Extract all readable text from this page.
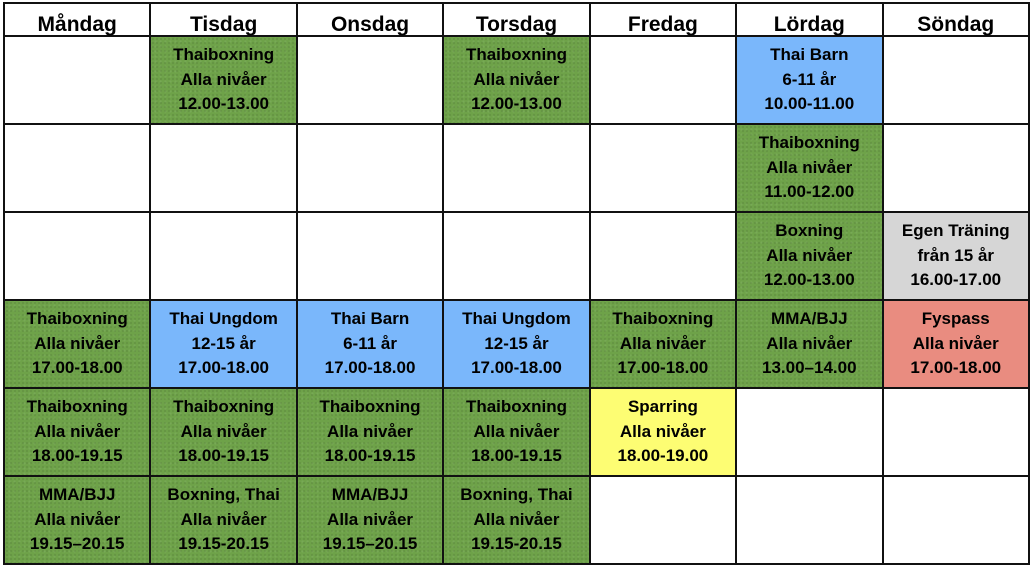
Måndag	Tisdag	Onsdag	Torsdag	Fredag	Lördag	Söndag

	Thaiboxning
Alla nivåer
12.00-13.00		Thaiboxning
Alla nivåer
12.00-13.00		Thai Barn
6-11 år
10.00-11.00	

					Thaiboxning
Alla nivåer
11.00-12.00	

					Boxning
Alla nivåer
12.00-13.00	Egen Träning
från 15 år
16.00-17.00

Thaiboxning
Alla nivåer
17.00-18.00	Thai Ungdom
12-15 år
17.00-18.00	Thai Barn
6-11 år
17.00-18.00	Thai Ungdom
12-15 år
17.00-18.00	Thaiboxning
Alla nivåer
17.00-18.00	MMA/BJJ
Alla nivåer
13.00–14.00	Fyspass
Alla nivåer
17.00-18.00

Thaiboxning
Alla nivåer
18.00-19.15	Thaiboxning
Alla nivåer
18.00-19.15	Thaiboxning
Alla nivåer
18.00-19.15	Thaiboxning
Alla nivåer
18.00-19.15	Sparring
Alla nivåer
18.00-19.00		

MMA/BJJ
Alla nivåer
19.15–20.15	Boxning, Thai
Alla nivåer
19.15-20.15	MMA/BJJ
Alla nivåer
19.15–20.15	Boxning, Thai
Alla nivåer
19.15-20.15			
